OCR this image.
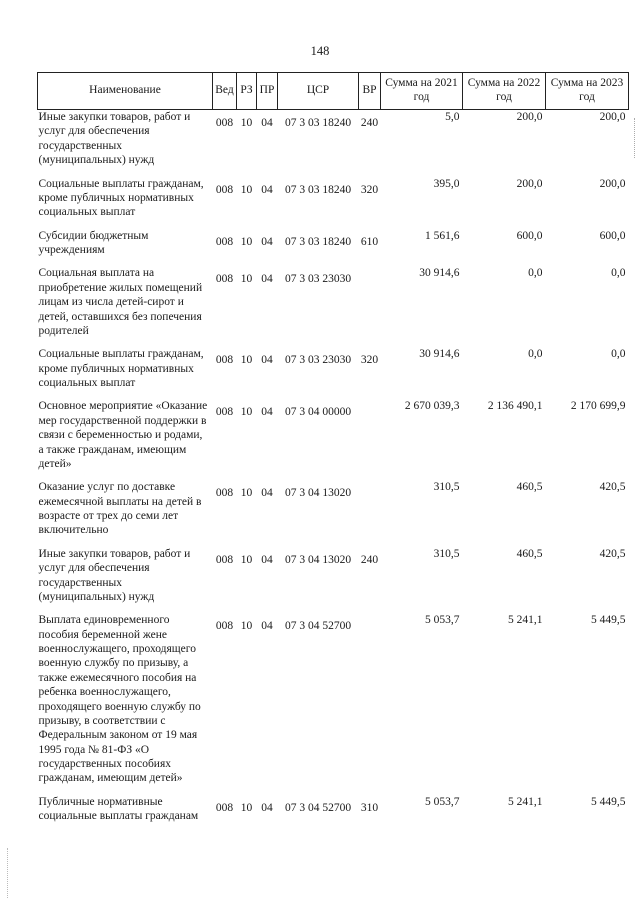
148
Наименование	Вед	РЗ	ПР	ЦСР	ВР	Сумма на 2021 год	Сумма на 2022 год	Сумма на 2023 год
Иные закупки товаров, работ и услуг для обеспечения государственных (муниципальных) нужд	008	10	04	07 3 03 18240	240	5,0	200,0	200,0
Социальные выплаты гражданам, кроме публичных нормативных социальных выплат	008	10	04	07 3 03 18240	320	395,0	200,0	200,0
Субсидии бюджетным учреждениям	008	10	04	07 3 03 18240	610	1 561,6	600,0	600,0
Социальная выплата на приобретение жилых помещений лицам из числа детей-сирот и детей, оставшихся без попечения родителей	008	10	04	07 3 03 23030		30 914,6	0,0	0,0
Социальные выплаты гражданам, кроме публичных нормативных социальных выплат	008	10	04	07 3 03 23030	320	30 914,6	0,0	0,0
Основное мероприятие «Оказание мер государственной поддержки в связи с беременностью и родами, а также гражданам, имеющим детей»	008	10	04	07 3 04 00000		2 670 039,3	2 136 490,1	2 170 699,9
Оказание услуг по доставке ежемесячной выплаты на детей в возрасте от трех до семи лет включительно	008	10	04	07 3 04 13020		310,5	460,5	420,5
Иные закупки товаров, работ и услуг для обеспечения государственных (муниципальных) нужд	008	10	04	07 3 04 13020	240	310,5	460,5	420,5
Выплата единовременного пособия беременной жене военнослужащего, проходящего военную службу по призыву, а также ежемесячного пособия на ребенка военнослужащего, проходящего военную службу по призыву, в соответствии с Федеральным законом от 19 мая 1995 года № 81-ФЗ «О государственных пособиях гражданам, имеющим детей»	008	10	04	07 3 04 52700		5 053,7	5 241,1	5 449,5
Публичные нормативные социальные выплаты гражданам	008	10	04	07 3 04 52700	310	5 053,7	5 241,1	5 449,5
